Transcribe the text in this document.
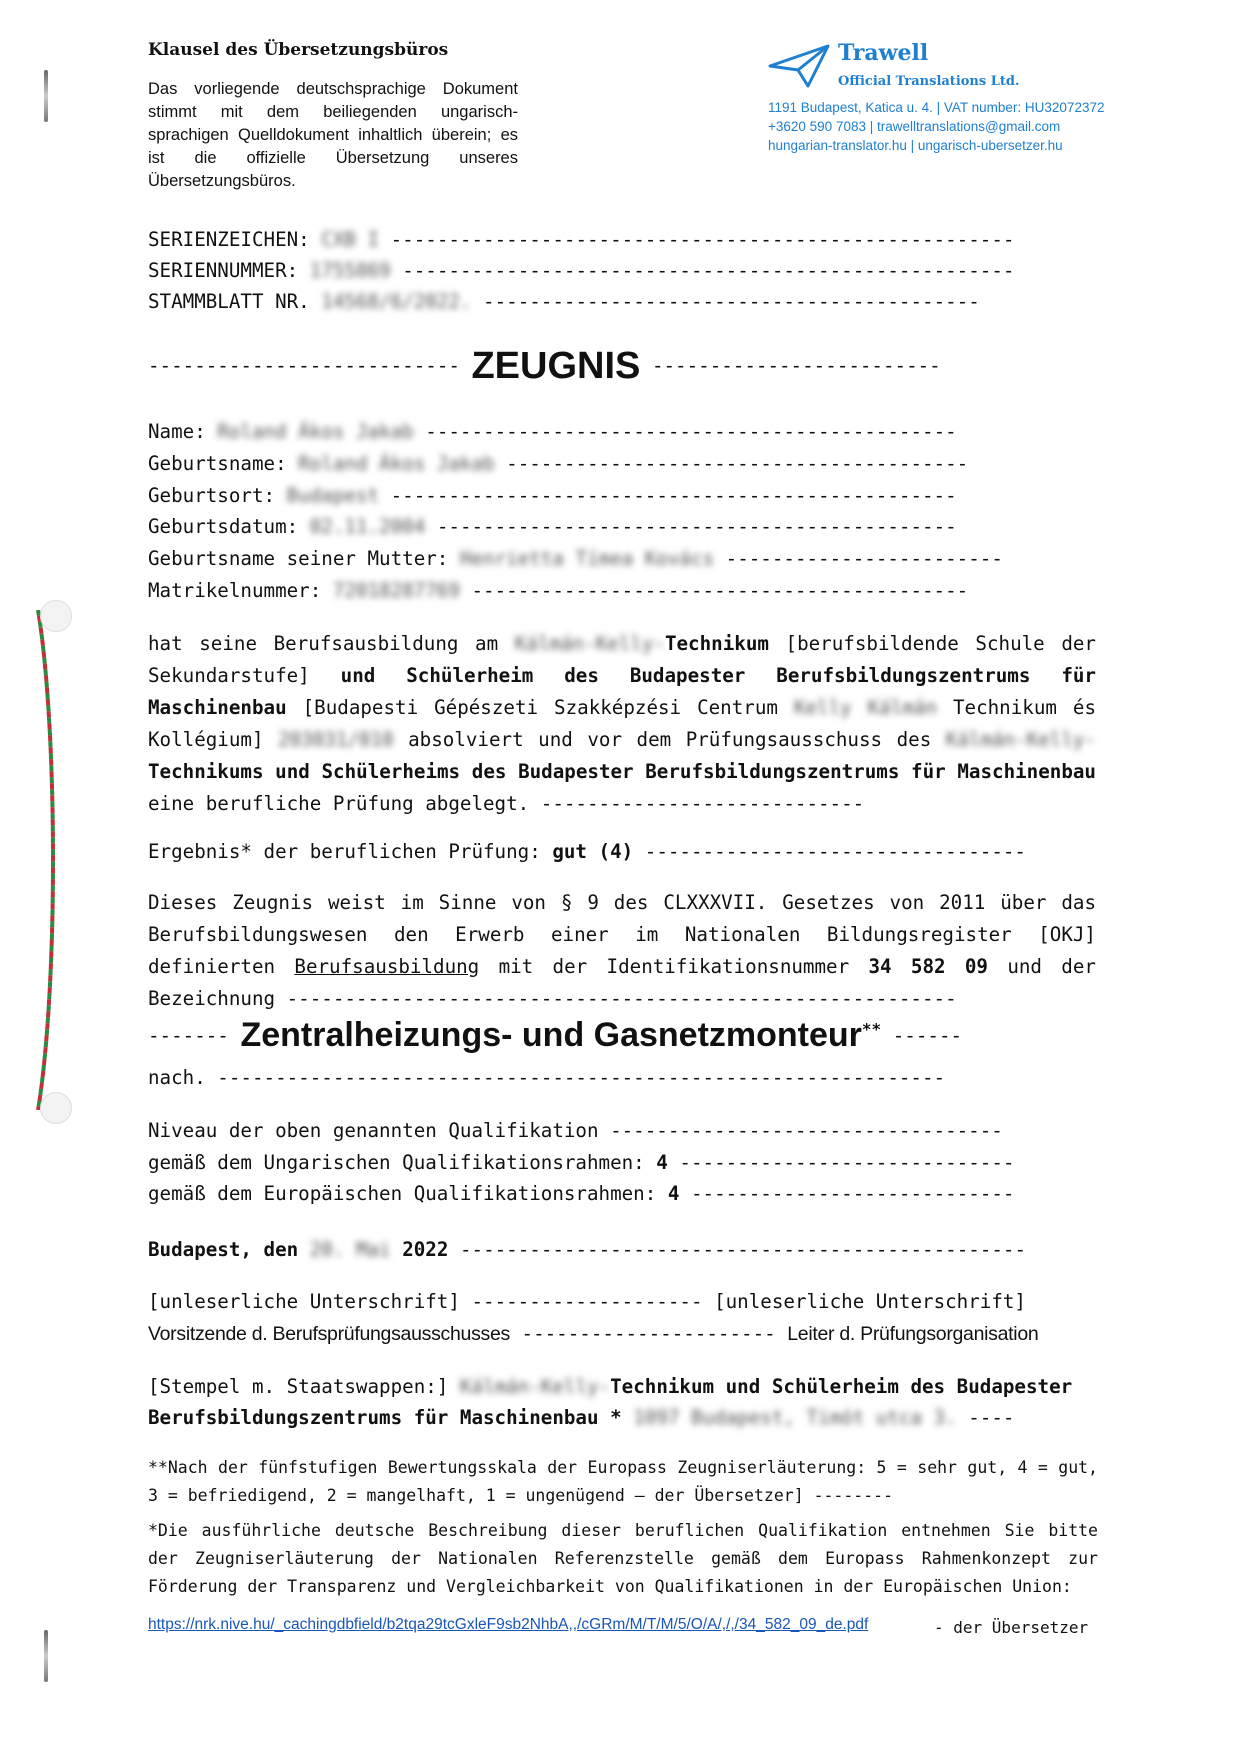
Klausel des Übersetzungsbüros
Das vorliegende deutschsprachige Dokument stimmt mit dem beiliegenden ungarisch-sprachigen Quelldokument inhaltlich überein; es ist die offizielle Übersetzung unseres Übersetzungsbüros.
Trawell
Official Translations Ltd.
1191 Budapest, Katica u. 4. | VAT number: HU32072372
+3620 590 7083 | trawelltranslations@gmail.com
hungarian-translator.hu | ungarisch-ubersetzer.hu
SERIENZEICHEN: CXB I ------------------------------------------------------
SERIENNUMMER: 1755869 -----------------------------------------------------
STAMMBLATT NR. 14568/6/2022. -------------------------------------------
--------------------------- ZEUGNIS -------------------------
Name: Roland Ákos Jakab ----------------------------------------------
Geburtsname: Roland Ákos Jakab ----------------------------------------
Geburtsort: Budapest -------------------------------------------------
Geburtsdatum: 02.11.2004 ---------------------------------------------
Geburtsname seiner Mutter: Henrietta Tímea Kovács ------------------------
Matrikelnummer: 72018287769 -------------------------------------------
hat seine Berufsausbildung am Kálmán-Kelly-Technikum [berufsbildende Schule der Sekundarstufe] und Schülerheim des Budapester Berufsbildungszentrums für Maschinenbau [Budapesti Gépészeti Szakképzési Centrum Kelly Kálmán Technikum és Kollégium] 203031/010 absolviert und vor dem Prüfungsausschuss des Kálmán-Kelly-Technikums und Schülerheims des Budapester Berufsbildungszentrums für Maschinenbau eine berufliche Prüfung abgelegt. ----------------------------
Ergebnis* der beruflichen Prüfung: gut (4) ---------------------------------
Dieses Zeugnis weist im Sinne von § 9 des CLXXXVII. Gesetzes von 2011 über das Berufsbildungswesen den Erwerb einer im Nationalen Bildungsregister [OKJ] definierten Berufsausbildung mit der Identifikationsnummer 34 582 09 und der Bezeichnung ----------------------------------------------------------
------- Zentralheizungs- und Gasnetzmonteur** ------
nach. ---------------------------------------------------------------
Niveau der oben genannten Qualifikation ----------------------------------
gemäß dem Ungarischen Qualifikationsrahmen: 4 -----------------------------
gemäß dem Europäischen Qualifikationsrahmen: 4 ----------------------------
Budapest, den 20. Mai 2022 -------------------------------------------------
[unleserliche Unterschrift] -------------------- [unleserliche Unterschrift]
Vorsitzende d. Berufsprüfungsausschusses ---------------------- Leiter d. Prüfungsorganisation
[Stempel m. Staatswappen:] Kálmán-Kelly-Technikum und Schülerheim des Budapester
Berufsbildungszentrums für Maschinenbau * 1097 Budapest, Timót utca 3. ----
**Nach der fünfstufigen Bewertungsskala der Europass Zeugniserläuterung: 5 = sehr gut, 4 = gut, 3 = befriedigend, 2 = mangelhaft, 1 = ungenügend — der Übersetzer] --------
*Die ausführliche deutsche Beschreibung dieser beruflichen Qualifikation entnehmen Sie bitte der Zeugniserläuterung der Nationalen Referenzstelle gemäß dem Europass Rahmenkonzept zur Förderung der Transparenz und Vergleichbarkeit von Qualifikationen in der Europäischen Union:
https://nrk.nive.hu/_cachingdbfield/b2tqa29tcGxleF9sb2NhbA,,/cGRm/M/T/M/5/O/A/,/,/34_582_09_de.pdf	- der Übersetzer
